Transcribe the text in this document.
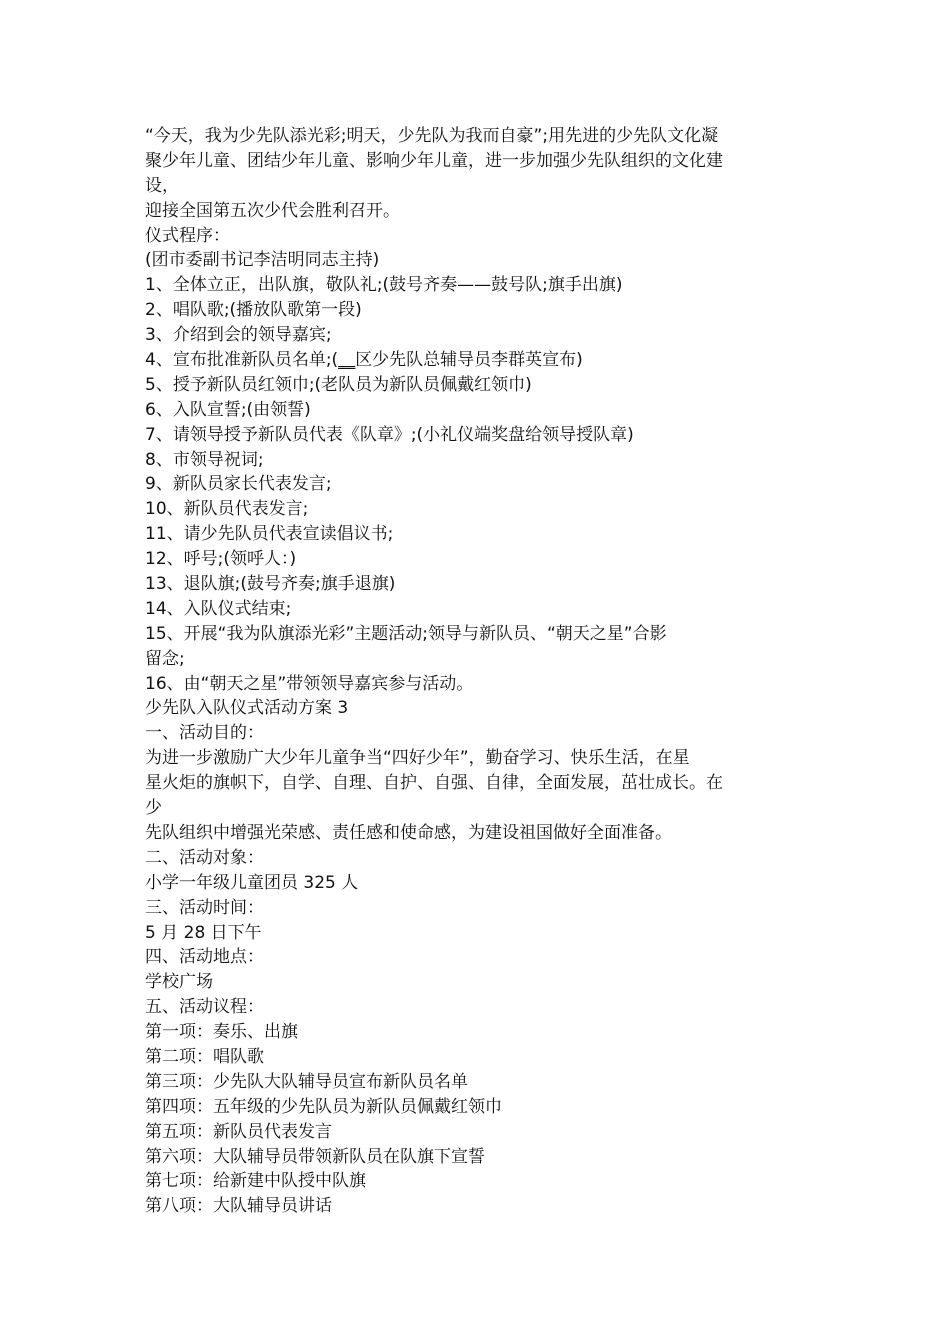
“今天，我为少先队添光彩;明天，少先队为我而自豪”;用先进的少先队文化凝
聚少年儿童、团结少年儿童、影响少年儿童，进一步加强少先队组织的文化建
设，
迎接全国第五次少代会胜利召开。
仪式程序：
(团市委副书记李洁明同志主持)
1、全体立正，出队旗，敬队礼;(鼓号齐奏——鼓号队;旗手出旗)
2、唱队歌;(播放队歌第一段)
3、介绍到会的领导嘉宾;
4、宣布批准新队员名单;(__区少先队总辅导员李群英宣布)
5、授予新队员红领巾;(老队员为新队员佩戴红领巾)
6、入队宣誓;(由领誓)
7、请领导授予新队员代表《队章》;(小礼仪端奖盘给领导授队章)
8、市领导祝词;
9、新队员家长代表发言;
10、新队员代表发言;
11、请少先队员代表宣读倡议书;
12、呼号;(领呼人：)
13、退队旗;(鼓号齐奏;旗手退旗)
14、入队仪式结束;
15、开展“我为队旗添光彩”主题活动;领导与新队员、“朝天之星”合影
留念;
16、由“朝天之星”带领领导嘉宾参与活动。
少先队入队仪式活动方案 3
一、活动目的：
为进一步激励广大少年儿童争当“四好少年”，勤奋学习、快乐生活，在星
星火炬的旗帜下，自学、自理、自护、自强、自律，全面发展，茁壮成长。在
少
先队组织中增强光荣感、责任感和使命感，为建设祖国做好全面准备。
二、活动对象：
小学一年级儿童团员 325 人
三、活动时间：
5 月 28 日下午
四、活动地点：
学校广场
五、活动议程：
第一项：奏乐、出旗
第二项：唱队歌
第三项：少先队大队辅导员宣布新队员名单
第四项：五年级的少先队员为新队员佩戴红领巾
第五项：新队员代表发言
第六项：大队辅导员带领新队员在队旗下宣誓
第七项：给新建中队授中队旗
第八项：大队辅导员讲话
